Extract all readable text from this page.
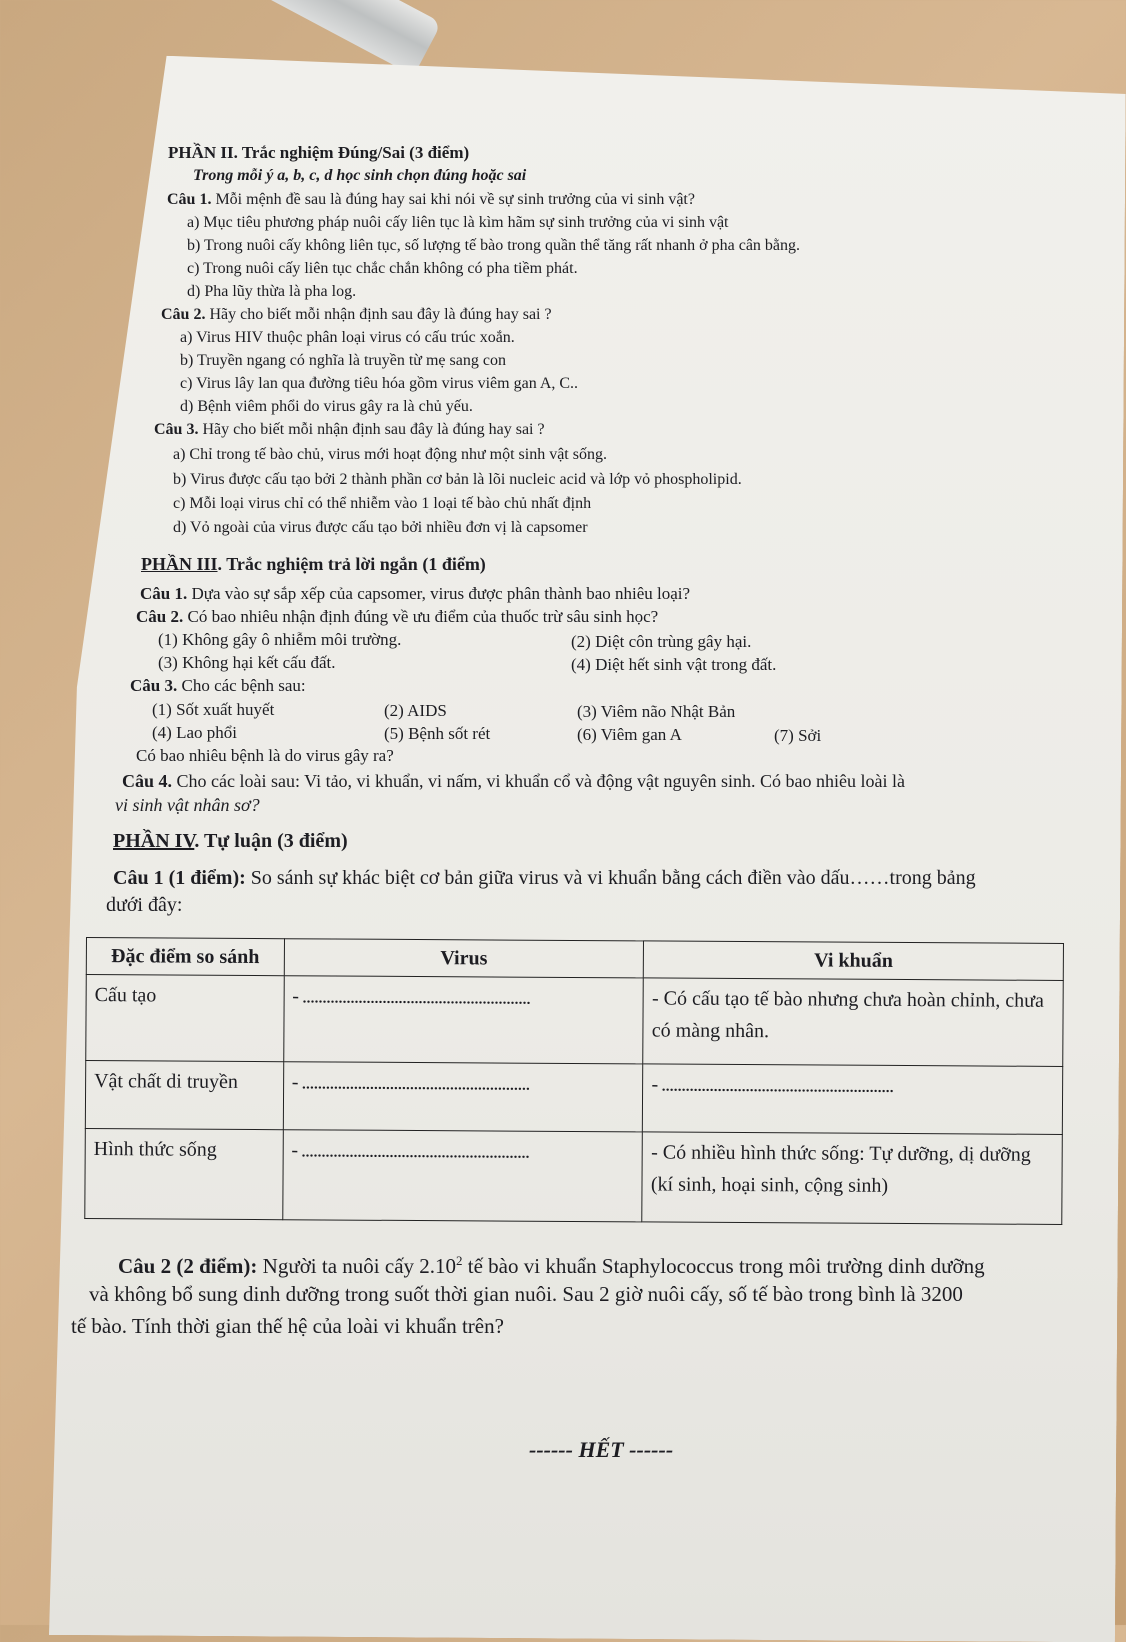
PHẦN II. Trắc nghiệm Đúng/Sai (3 điểm)
Trong mỗi ý a, b, c, d học sinh chọn đúng hoặc sai
Câu 1. Mỗi mệnh đề sau là đúng hay sai khi nói về sự sinh trưởng của vi sinh vật?
a) Mục tiêu phương pháp nuôi cấy liên tục là kìm hãm sự sinh trưởng của vi sinh vật
b) Trong nuôi cấy không liên tục, số lượng tế bào trong quần thể tăng rất nhanh ở pha cân bằng.
c) Trong nuôi cấy liên tục chắc chắn không có pha tiềm phát.
d) Pha lũy thừa là pha log.
Câu 2. Hãy cho biết mỗi nhận định sau đây là đúng hay sai ?
a) Virus HIV thuộc phân loại virus có cấu trúc xoắn.
b) Truyền ngang có nghĩa là truyền từ mẹ sang con
c) Virus lây lan qua đường tiêu hóa gồm virus viêm gan A, C..
d) Bệnh viêm phổi do virus gây ra là chủ yếu.
Câu 3. Hãy cho biết mỗi nhận định sau đây là đúng hay sai ?
a) Chỉ trong tế bào chủ, virus mới hoạt động như một sinh vật sống.
b) Virus được cấu tạo bởi 2 thành phần cơ bản là lõi nucleic acid và lớp vỏ phospholipid.
c) Mỗi loại virus chỉ có thể nhiễm vào 1 loại tế bào chủ nhất định
d) Vỏ ngoài của virus được cấu tạo bởi nhiều đơn vị là capsomer
PHẦN III. Trắc nghiệm trả lời ngắn (1 điểm)
Câu 1. Dựa vào sự sắp xếp của capsomer, virus được phân thành bao nhiêu loại?
Câu 2. Có bao nhiêu nhận định đúng về ưu điểm của thuốc trừ sâu sinh học?
(1) Không gây ô nhiễm môi trường.	(2) Diệt côn trùng gây hại.
(3) Không hại kết cấu đất.	(4) Diệt hết sinh vật trong đất.
Câu 3. Cho các bệnh sau:
(1) Sốt xuất huyết	(2) AIDS	(3) Viêm não Nhật Bản
(4) Lao phổi	(5) Bệnh sốt rét	(6) Viêm gan A	(7) Sởi
Có bao nhiêu bệnh là do virus gây ra?
Câu 4. Cho các loài sau: Vi tảo, vi khuẩn, vi nấm, vi khuẩn cổ và động vật nguyên sinh. Có bao nhiêu loài là
vi sinh vật nhân sơ?
PHẦN IV. Tự luận (3 điểm)
Câu 1 (1 điểm): So sánh sự khác biệt cơ bản giữa virus và vi khuẩn bằng cách điền vào dấu……trong bảng
dưới đây:
Đặc điểm so sánh	Virus	Vi khuẩn
Cấu tạo	- .........................................................	- Có cấu tạo tế bào nhưng chưa hoàn chỉnh, chưa có màng nhân.
Vật chất di truyền	- .........................................................	- ..........................................................
Hình thức sống	- .........................................................	- Có nhiều hình thức sống: Tự dưỡng, dị dưỡng (kí sinh, hoại sinh, cộng sinh)
Câu 2 (2 điểm): Người ta nuôi cấy 2.10$^2$ tế bào vi khuẩn Staphylococcus trong môi trường dinh dưỡng
và không bổ sung dinh dưỡng trong suốt thời gian nuôi. Sau 2 giờ nuôi cấy, số tế bào trong bình là 3200
tế bào. Tính thời gian thế hệ của loài vi khuẩn trên?
------ HẾT ------
